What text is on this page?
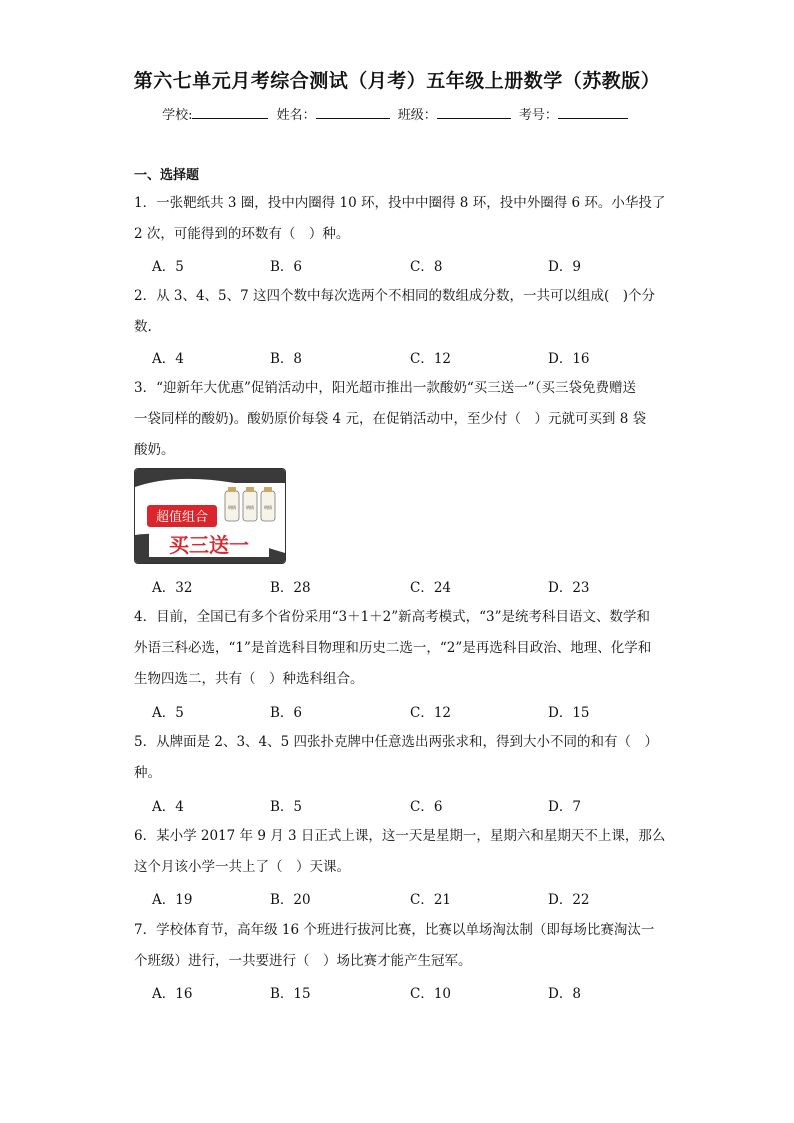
第六七单元月考综合测试（月考）五年级上册数学（苏教版）
学校:	姓名：	班级：	考号：
一、选择题
1．一张靶纸共 3 圈，投中内圈得 10 环，投中中圈得 8 环，投中外圈得 6 环。小华投了
2 次，可能得到的环数有（　）种。
A．5	B．6	C．8	D．9
2．从 3、4、5、7 这四个数中每次选两个不相同的数组成分数，一共可以组成(　)个分
数.
A．4	B．8	C．12	D．16
3．“迎新年大优惠”促销活动中，阳光超市推出一款酸奶“买三送一”（买三袋免费赠送
一袋同样的酸奶)。酸奶原价每袋 4 元，在促销活动中，至少付（　）元就可买到 8 袋
酸奶。
明情	明情	明情
超值组合
买三送一
A．32	B．28	C．24	D．23
4．目前，全国已有多个省份采用“3＋1＋2”新高考模式，“3”是统考科目语文、数学和
外语三科必选，“1”是首选科目物理和历史二选一，“2”是再选科目政治、地理、化学和
生物四选二，共有（　）种选科组合。
A．5	B．6	C．12	D．15
5．从牌面是 2、3、4、5 四张扑克牌中任意选出两张求和，得到大小不同的和有（　）
种。
A．4	B．5	C．6	D．7
6．某小学 2017 年 9 月 3 日正式上课，这一天是星期一，星期六和星期天不上课，那么
这个月该小学一共上了（　）天课。
A．19	B．20	C．21	D．22
7．学校体育节，高年级 16 个班进行拔河比赛，比赛以单场淘汰制（即每场比赛淘汰一
个班级）进行，一共要进行（　）场比赛才能产生冠军。
A．16	B．15	C．10	D．8
